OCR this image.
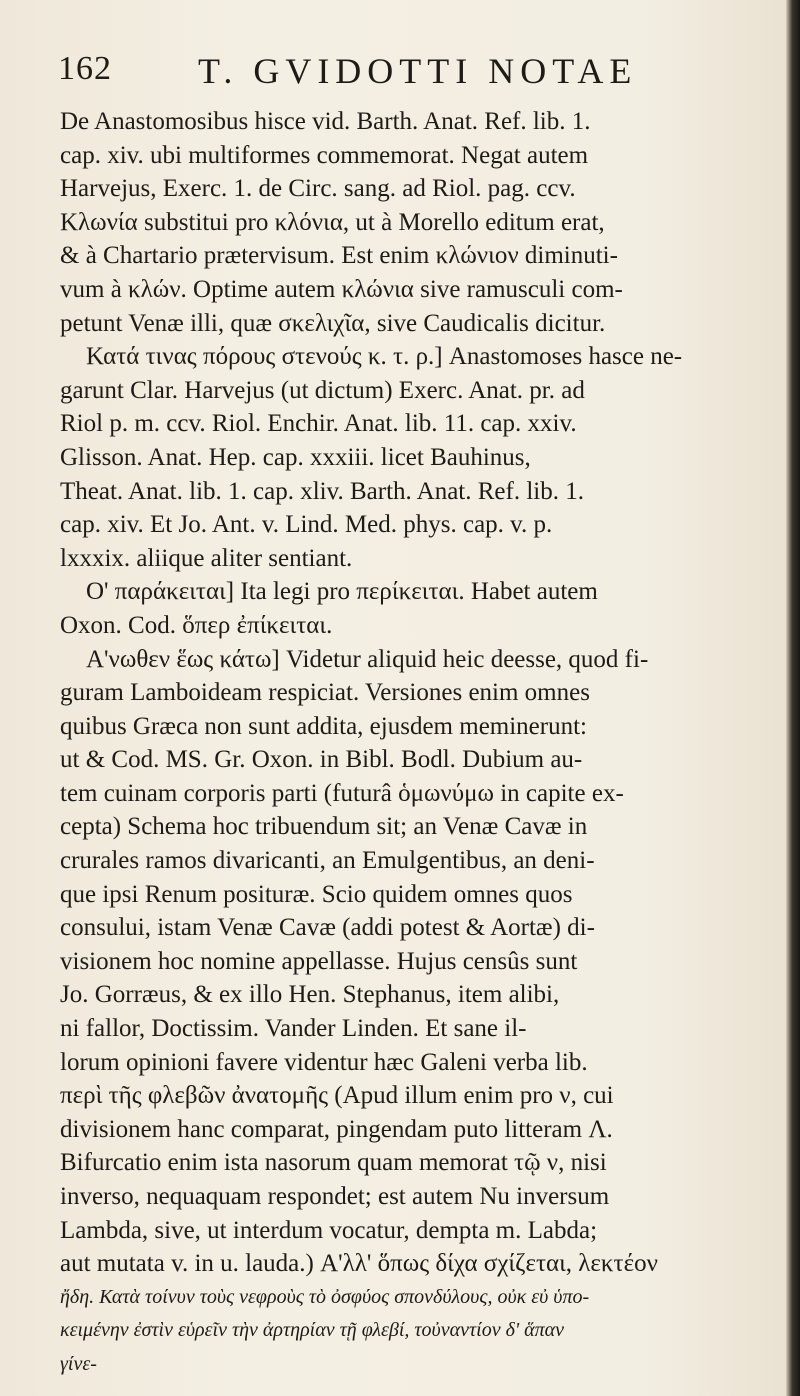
162 T. GVIDOTTI NOTAE
De Anastomosibus hisce vid. Barth. Anat. Ref. lib. 1.
cap. xiv. ubi multiformes commemorat. Negat autem
Harvejus, Exerc. 1. de Circ. sang. ad Riol. pag. ccv.
Κλωνία substitui pro κλόνια, ut à Morello editum erat,
& à Chartario prætervisum. Est enim κλώνιον diminuti-
vum à κλών. Optime autem κλώνια sive ramusculi com-
petunt Venæ illi, quæ σκελιχῖα, sive Caudicalis dicitur.
Κατά τινας πόρους στενούς κ. τ. ρ.] Anastomoses hasce ne-
garunt Clar. Harvejus (ut dictum) Exerc. Anat. pr. ad
Riol p. m. ccv. Riol. Enchir. Anat. lib. 11. cap. xxiv.
Glisson. Anat. Hep. cap. xxxiii. licet Bauhinus,
Theat. Anat. lib. 1. cap. xliv. Barth. Anat. Ref. lib. 1.
cap. xiv. Et Jo. Ant. v. Lind. Med. phys. cap. v. p.
lxxxix. aliique aliter sentiant.
Ο' παράκειται] Ita legi pro περίκειται. Habet autem
Oxon. Cod. ὅπερ ἐπίκειται.
Α'νωθεν ἕως κάτω] Videtur aliquid heic deesse, quod fi-
guram Lamboideam respiciat. Versiones enim omnes
quibus Græca non sunt addita, ejusdem meminerunt:
ut & Cod. MS. Gr. Oxon. in Bibl. Bodl. Dubium au-
tem cuinam corporis parti (futurâ ὁμωνύμω in capite ex-
cepta) Schema hoc tribuendum sit; an Venæ Cavæ in
crurales ramos divaricanti, an Emulgentibus, an deni-
que ipsi Renum posituræ. Scio quidem omnes quos
consului, istam Venæ Cavæ (addi potest & Aortæ) di-
visionem hoc nomine appellasse. Hujus censûs sunt
Jo. Gorræus, & ex illo Hen. Stephanus, item alibi,
ni fallor, Doctissim. Vander Linden. Et sane il-
lorum opinioni favere videntur hæc Galeni verba lib.
περὶ τῆς φλεβῶν ἀνατομῆς (Apud illum enim pro ν, cui
divisionem hanc comparat, pingendam puto litteram Λ.
Bifurcatio enim ista nasorum quam memorat τῷ ν, nisi
inverso, nequaquam respondet; est autem Nu inversum
Lambda, sive, ut interdum vocatur, dempta m. Labda;
aut mutata v. in u. lauda.) Α'λλ' ὅπως δίχα σχίζεται, λεκτέον
ἤδη. Κατὰ τοίνυν τοὺς νεφροὺς τὸ ὀσφύος σπονδύλους, οὐκ εὐ ὑπο-
κειμένην ἐστὶν εὑρεῖν τὴν ἀρτηρίαν τῇ φλεβί, τοὐναντίον δ' ἅπαν
γίνε-
